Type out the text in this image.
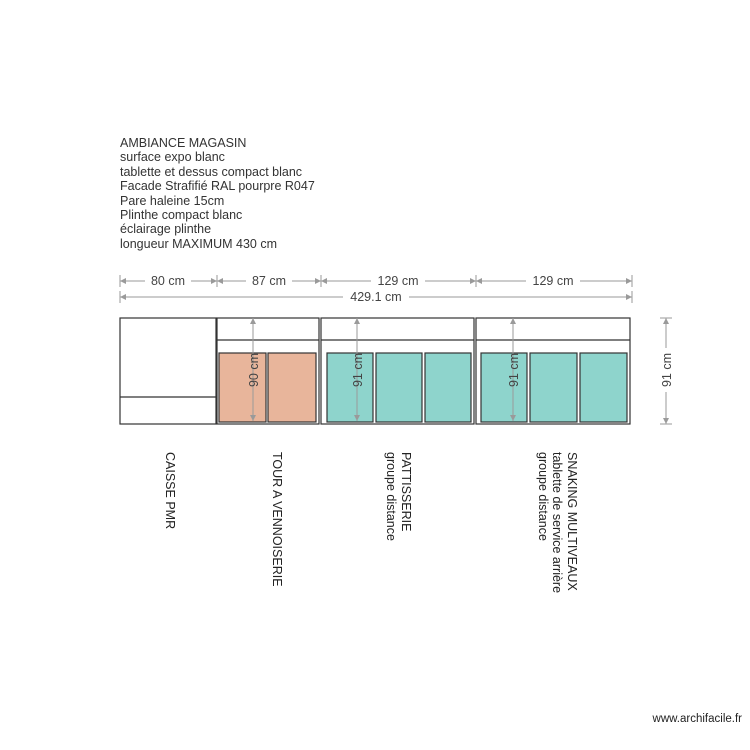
AMBIANCE MAGASIN
surface expo blanc
tablette et dessus compact blanc
Facade Strafifié RAL pourpre R047
Pare haleine 15cm
Plinthe compact blanc
éclairage plinthe
longueur MAXIMUM 430 cm
80 cm	87 cm	129 cm	129 cm
429.1 cm
90 cm	91 cm	91 cm	91 cm
CAISSE PMR	TOUR A VENNOISERIE	PATTISSERIE
groupe distance	SNAKING MULTIVEAUX
tablette de service arrière
groupe distance
www.archifacile.fr
